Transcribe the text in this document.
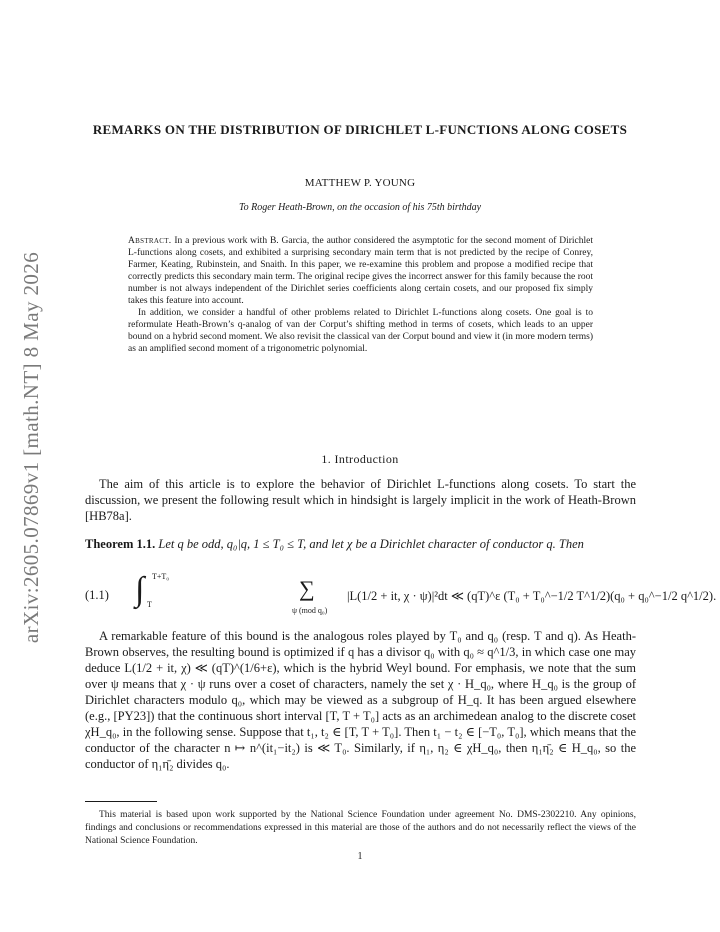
arXiv:2605.07869v1 [math.NT] 8 May 2026
REMARKS ON THE DISTRIBUTION OF DIRICHLET L-FUNCTIONS ALONG COSETS
MATTHEW P. YOUNG
To Roger Heath-Brown, on the occasion of his 75th birthday

Abstract. In a previous work with B. Garcia, the author considered the asymptotic for the second moment of Dirichlet L-functions along cosets, and exhibited a surprising secondary main term that is not predicted by the recipe of Conrey, Farmer, Keating, Rubinstein, and Snaith. In this paper, we re-examine this problem and propose a modified recipe that correctly predicts this secondary main term. The original recipe gives the incorrect answer for this family because the root number is not always independent of the Dirichlet series coefficients along certain cosets, and our proposed fix simply takes this feature into account.

In addition, we consider a handful of other problems related to Dirichlet L-functions along cosets. One goal is to reformulate Heath-Brown’s q-analog of van der Corput’s shifting method in terms of cosets, which leads to an upper bound on a hybrid second moment. We also revisit the classical van der Corput bound and view it (in more modern terms) as an amplified second moment of a trigonometric polynomial.

1. Introduction

The aim of this article is to explore the behavior of Dirichlet L-functions along cosets. To start the discussion, we present the following result which in hindsight is largely implicit in the work of Heath-Brown [HB78a].

Theorem 1.1. Let q be odd, q₀|q, 1 ≤ T₀ ≤ T, and let χ be a Dirichlet character of conductor q. Then

(1.1) ∫ T+T₀
T
∑
ψ (mod q₀)
|L(1/2 + it, χ · ψ)|²dt ≪ (qT)^ε (T₀ + T₀^−1/2 T^1/2)(q₀ + q₀^−1/2 q^1/2).

A remarkable feature of this bound is the analogous roles played by T₀ and q₀ (resp. T and q). As Heath-Brown observes, the resulting bound is optimized if q has a divisor q₀ with q₀ ≈ q^1/3, in which case one may deduce L(1/2 + it, χ) ≪ (qT)^(1/6+ε), which is the hybrid Weyl bound. For emphasis, we note that the sum over ψ means that χ · ψ runs over a coset of characters, namely the set χ · H_q₀, where H_q₀ is the group of Dirichlet characters modulo q₀, which may be viewed as a subgroup of H_q. It has been argued elsewhere (e.g., [PY23]) that the continuous short interval [T, T + T₀] acts as an archimedean analog to the discrete coset χH_q₀, in the following sense. Suppose that t₁, t₂ ∈ [T, T + T₀]. Then t₁ − t₂ ∈ [−T₀, T₀], which means that the conductor of the character n ↦ n^(it₁−it₂) is ≪ T₀. Similarly, if η₁, η₂ ∈ χH_q₀, then η₁η̄₂ ∈ H_q₀, so the conductor of η₁η̄₂ divides q₀.

This material is based upon work supported by the National Science Foundation under agreement No. DMS-2302210. Any opinions, findings and conclusions or recommendations expressed in this material are those of the authors and do not necessarily reflect the views of the National Science Foundation.

1
